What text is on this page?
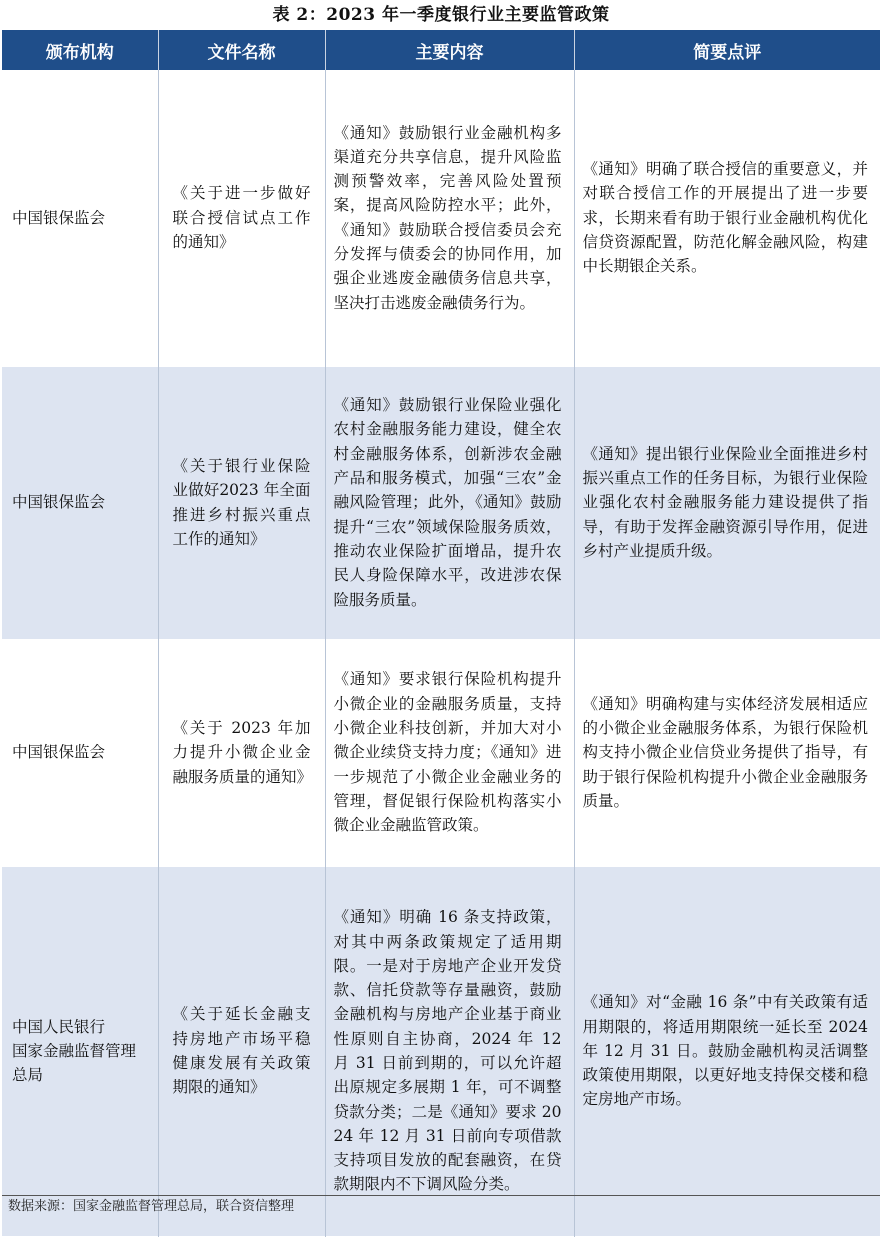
表 2：2023 年一季度银行业主要监管政策
颁布机构	文件名称	主要内容	简要点评
中国银保监会	《关于进一步做好联合授信试点工作的通知》	《通知》鼓励银行业金融机构多渠道充分共享信息，提升风险监测预警效率，完善风险处置预案，提高风险防控水平；此外，《通知》鼓励联合授信委员会充分发挥与债委会的协同作用，加强企业逃废金融债务信息共享，坚决打击逃废金融债务行为。	《通知》明确了联合授信的重要意义，并对联合授信工作的开展提出了进一步要求，长期来看有助于银行业金融机构优化信贷资源配置，防范化解金融风险，构建中长期银企关系。
中国银保监会	《关于银行业保险业做好2023 年全面推进乡村振兴重点工作的通知》	《通知》鼓励银行业保险业强化农村金融服务能力建设，健全农村金融服务体系，创新涉农金融产品和服务模式，加强“三农”金融风险管理；此外，《通知》鼓励提升“三农”领域保险服务质效，推动农业保险扩面增品，提升农民人身险保障水平，改进涉农保险服务质量。	《通知》提出银行业保险业全面推进乡村振兴重点工作的任务目标，为银行业保险业强化农村金融服务能力建设提供了指导，有助于发挥金融资源引导作用，促进乡村产业提质升级。
中国银保监会	《关于 2023 年加力提升小微企业金融服务质量的通知》	《通知》要求银行保险机构提升小微企业的金融服务质量，支持小微企业科技创新，并加大对小微企业续贷支持力度；《通知》进一步规范了小微企业金融业务的管理，督促银行保险机构落实小微企业金融监管政策。	《通知》明确构建与实体经济发展相适应的小微企业金融服务体系，为银行保险机构支持小微企业信贷业务提供了指导，有助于银行保险机构提升小微企业金融服务质量。
中国人民银行
国家金融监督管理总局	《关于延长金融支持房地产市场平稳健康发展有关政策期限的通知》	《通知》明确 16 条支持政策，对其中两条政策规定了适用期限。一是对于房地产企业开发贷款、信托贷款等存量融资，鼓励金融机构与房地产企业基于商业性原则自主协商，2024 年 12 月 31 日前到期的，可以允许超出原规定多展期 1 年，可不调整贷款分类；二是《通知》要求 2024 年 12 月 31 日前向专项借款支持项目发放的配套融资，在贷款期限内不下调风险分类。	《通知》对“金融 16 条”中有关政策有适用期限的，将适用期限统一延长至 2024 年 12 月 31 日。鼓励金融机构灵活调整政策使用期限，以更好地支持保交楼和稳定房地产市场。
数据来源：国家金融监督管理总局，联合资信整理
